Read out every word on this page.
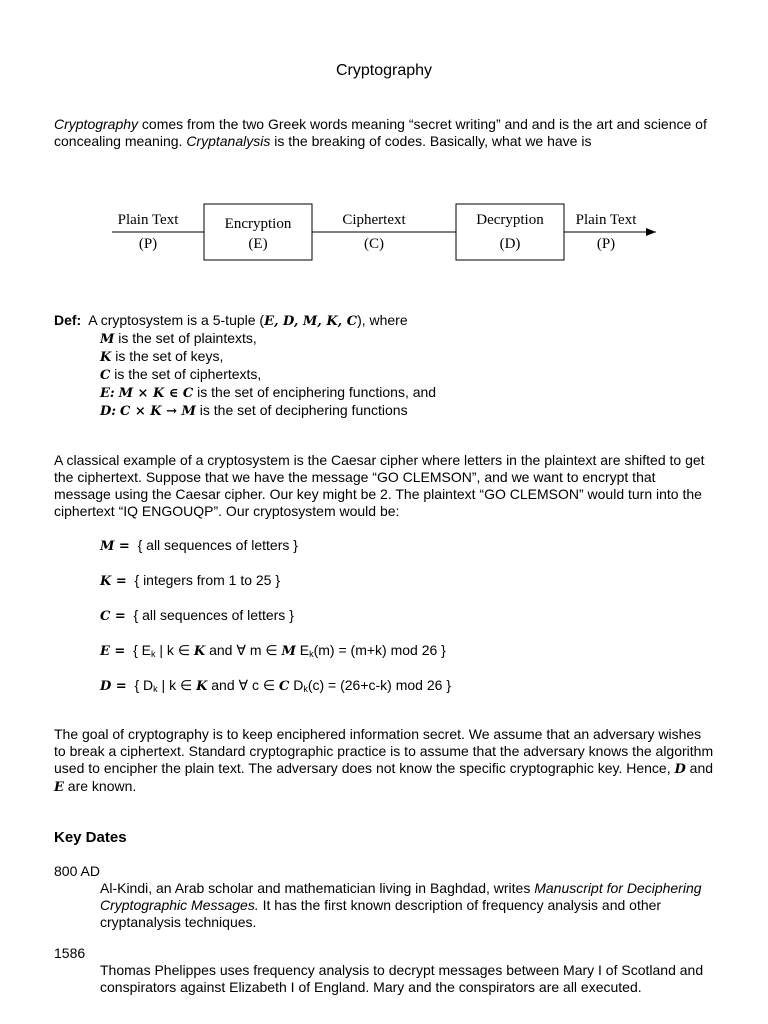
Cryptography

Cryptography comes from the two Greek words meaning “secret writing” and and is the art and science of concealing meaning. Cryptanalysis is the breaking of codes. Basically, what we have is

Plain Text
(P)
Encryption
(E)
Ciphertext
(C)
Decryption
(D)
Plain Text
(P)
Def: A cryptosystem is a 5-tuple (E, D, M, K, C), where
M is the set of plaintexts,
K is the set of keys,
C is the set of ciphertexts,
E: M × K ∈ C is the set of enciphering functions, and
D: C × K → M is the set of deciphering functions

A classical example of a cryptosystem is the Caesar cipher where letters in the plaintext are shifted to get the ciphertext. Suppose that we have the message “GO CLEMSON”, and we want to encrypt that message using the Caesar cipher. Our key might be 2. The plaintext “GO CLEMSON” would turn into the ciphertext “IQ ENGOUQP”. Our cryptosystem would be:

M = { all sequences of letters }
K = { integers from 1 to 25 }
C = { all sequences of letters }
E = { $E_k$ | k ∈ K and ∀ m ∈ M $E_k(m) = (m+k)$ mod 26 }
D = { $D_k$ | k ∈ K and ∀ c ∈ C $D_k(c) = (26+c-k)$ mod 26 }

The goal of cryptography is to keep enciphered information secret. We assume that an adversary wishes to break a ciphertext. Standard cryptographic practice is to assume that the adversary knows the algorithm used to encipher the plain text. The adversary does not know the specific cryptographic key. Hence, D and E are known.

Key Dates
800 AD

Al-Kindi, an Arab scholar and mathematician living in Baghdad, writes Manuscript for Deciphering Cryptographic Messages. It has the first known description of frequency analysis and other cryptanalysis techniques.

1586

Thomas Phelippes uses frequency analysis to decrypt messages between Mary I of Scotland and conspirators against Elizabeth I of England. Mary and the conspirators are all executed.
